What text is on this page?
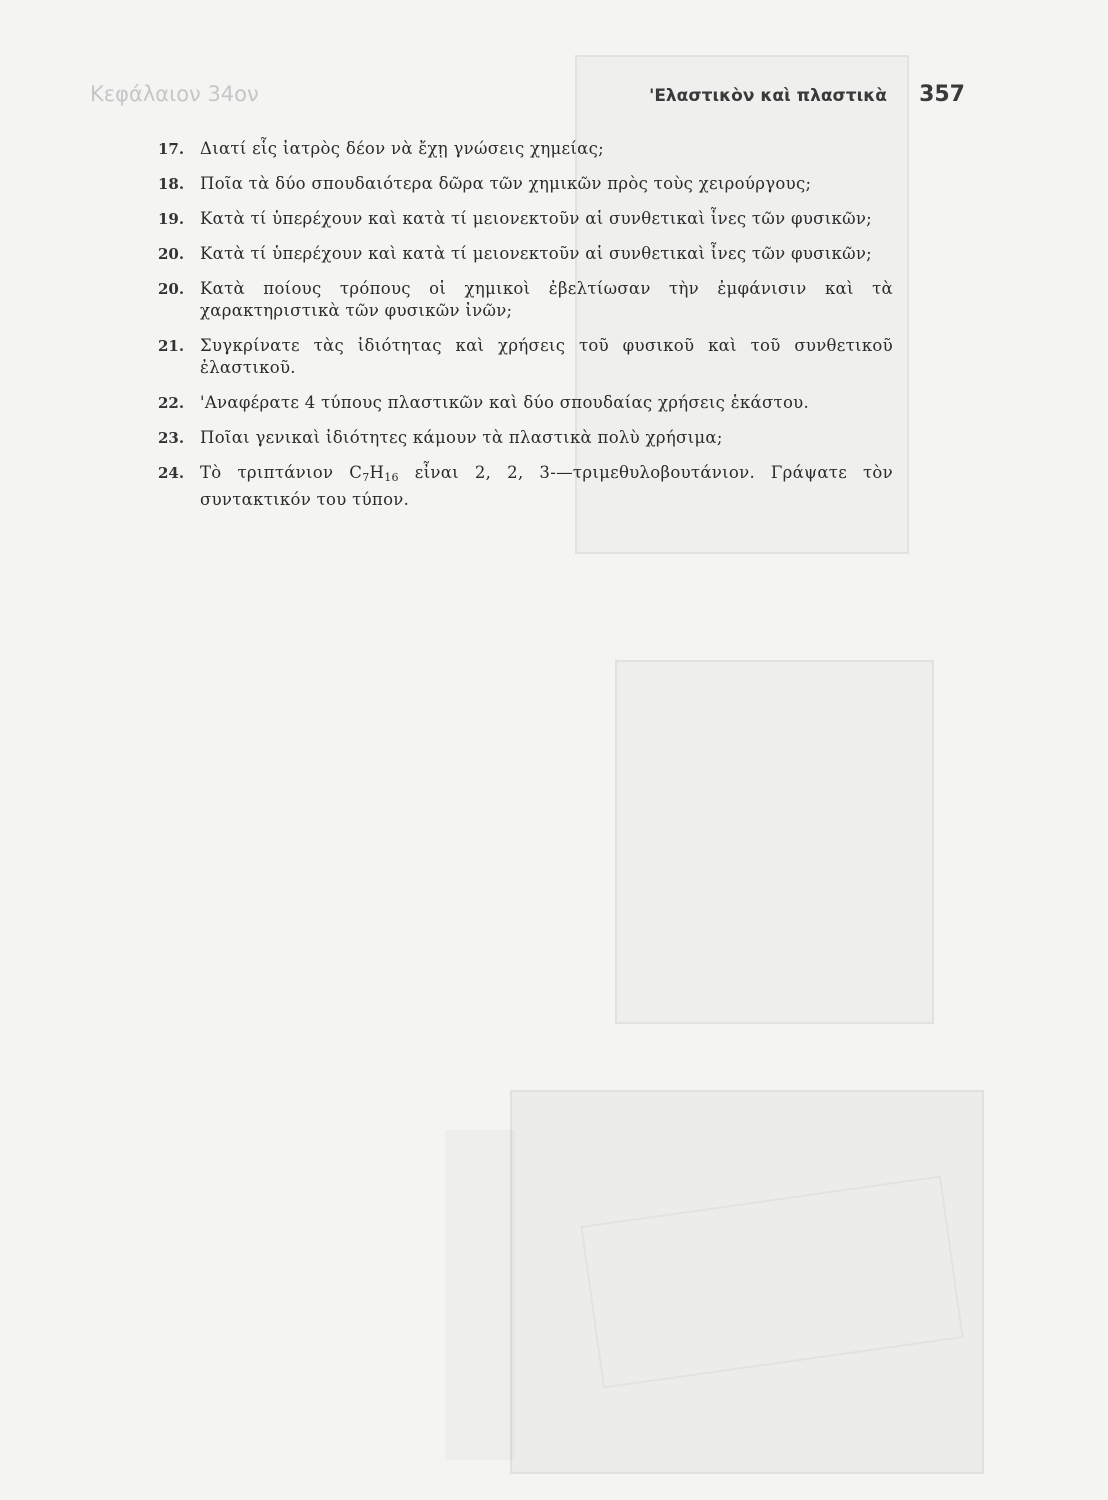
Κεφάλαιον 34ον	'Ελαστικὸν καὶ πλαστικὰ 357
17. Διατί εἷς ἰατρὸς δέον νὰ ἔχῃ γνώσεις χημείας;
18. Ποῖα τὰ δύο σπουδαιότερα δῶρα τῶν χημικῶν πρὸς τοὺς χειρούργους;
19. Κατὰ τί ὑπερέχουν καὶ κατὰ τί μειονεκτοῦν αἱ συνθετικαὶ ἶνες τῶν φυσικῶν;
20. Κατὰ τί ὑπερέχουν καὶ κατὰ τί μειονεκτοῦν αἱ συνθετικαὶ ἶνες τῶν φυσικῶν;
20. Κατὰ ποίους τρόπους οἱ χημικοὶ ἐβελτίωσαν τὴν ἐμφάνισιν καὶ τὰ χαρακτηριστικὰ τῶν φυσικῶν ἰνῶν;
21. Συγκρίνατε τὰς ἰδιότητας καὶ χρήσεις τοῦ φυσικοῦ καὶ τοῦ συνθετικοῦ ἐλαστικοῦ.
22. 'Αναφέρατε 4 τύπους πλαστικῶν καὶ δύο σπουδαίας χρήσεις ἑκάστου.
23. Ποῖαι γενικαὶ ἰδιότητες κάμουν τὰ πλαστικὰ πολὺ χρήσιμα;
24. Τὸ τριπτάνιον $C_7H_{16}$ εἶναι 2, 2, 3-—τριμεθυλοβουτάνιον. Γράψατε τὸν συντακτικόν του τύπον.
